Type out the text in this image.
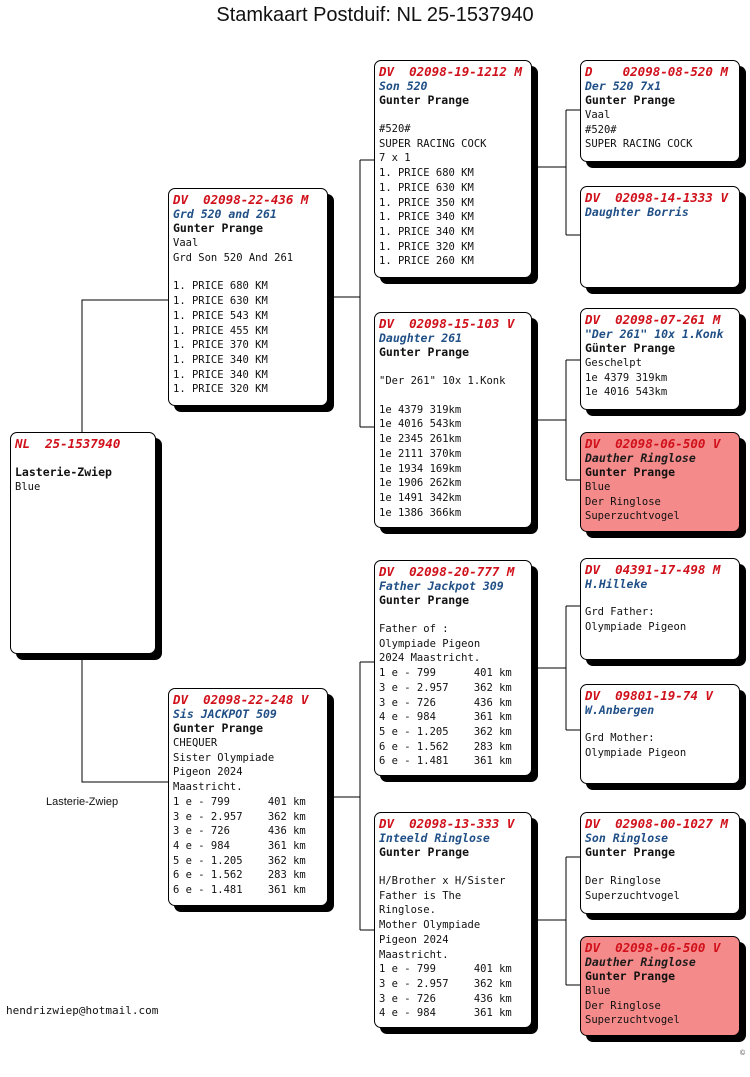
Stamkaart Postduif: NL 25-1537940
NL  25-1537940
Lasterie-Zwiep
Blue
DV  02098-22-436 M
Grd 520 and 261
Gunter Prange
Vaal
Grd Son 520 And 261
1. PRICE 680 KM
1. PRICE 630 KM
1. PRICE 543 KM
1. PRICE 455 KM
1. PRICE 370 KM
1. PRICE 340 KM
1. PRICE 340 KM
1. PRICE 320 KM
DV  02098-22-248 V
Sis JACKPOT 509
Gunter Prange
CHEQUER
Sister Olympiade
Pigeon 2024
Maastricht.
1 e - 799      401 km
3 e - 2.957    362 km
3 e - 726      436 km
4 e - 984      361 km
5 e - 1.205    362 km
6 e - 1.562    283 km
6 e - 1.481    361 km
DV  02098-19-1212 M
Son 520
Gunter Prange
#520#
SUPER RACING COCK
7 x 1
1. PRICE 680 KM
1. PRICE 630 KM
1. PRICE 350 KM
1. PRICE 340 KM
1. PRICE 340 KM
1. PRICE 320 KM
1. PRICE 260 KM
DV  02098-15-103 V
Daughter 261
Gunter Prange
"Der 261" 10x 1.Konk
1e 4379 319km
1e 4016 543km
1e 2345 261km
1e 2111 370km
1e 1934 169km
1e 1906 262km
1e 1491 342km
1e 1386 366km
DV  02098-20-777 M
Father Jackpot 309
Gunter Prange
Father of :
Olympiade Pigeon
2024 Maastricht.
1 e - 799      401 km
3 e - 2.957    362 km
3 e - 726      436 km
4 e - 984      361 km
5 e - 1.205    362 km
6 e - 1.562    283 km
6 e - 1.481    361 km
DV  02098-13-333 V
Inteeld Ringlose
Gunter Prange
H/Brother x H/Sister
Father is The
Ringlose.
Mother Olympiade
Pigeon 2024
Maastricht.
1 e - 799      401 km
3 e - 2.957    362 km
3 e - 726      436 km
4 e - 984      361 km
D    02098-08-520 M
Der 520 7x1
Gunter Prange
Vaal
#520#
SUPER RACING COCK
DV  02098-14-1333 V
Daughter Borris
DV  02098-07-261 M
"Der 261" 10x 1.Konk
Günter Prange
Geschelpt
1e 4379 319km
1e 4016 543km
DV  02098-06-500 V
Dauther Ringlose
Gunter Prange
Blue
Der Ringlose
Superzuchtvogel
DV  04391-17-498 M
H.Hilleke
Grd Father:
Olympiade Pigeon
DV  09801-19-74 V
W.Anbergen
Grd Mother:
Olympiade Pigeon
DV  02908-00-1027 M
Son Ringlose
Gunter Prange
Der Ringlose
Superzuchtvogel
DV  02098-06-500 V
Dauther Ringlose
Gunter Prange
Blue
Der Ringlose
Superzuchtvogel
Lasterie-Zwiep
hendrizwiep@hotmail.com
©
